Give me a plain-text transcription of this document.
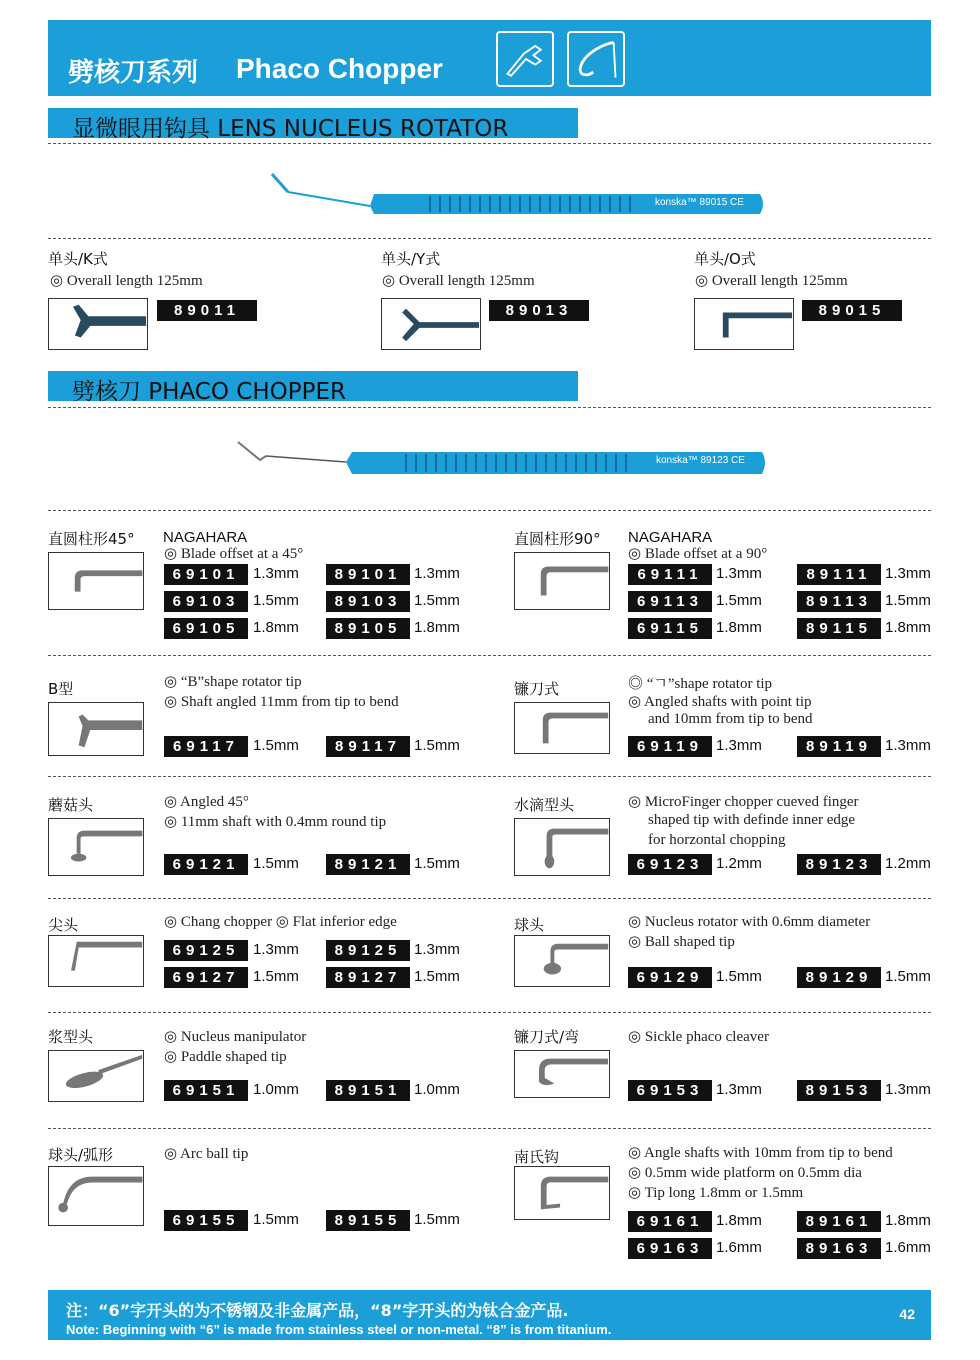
劈核刀系列 Phaco Chopper
显微眼用钩具 LENS NUCLEUS ROTATOR
konska™ 89015 CE
单头/K式
◎ Overall length 125mm
89011
单头/Y式
◎ Overall length 125mm
89013
单头/O式
◎ Overall length 125mm
89015
劈核刀 PHACO CHOPPER
konska™ 89123 CE
直圆柱形45° NAGAHARA
◎ Blade offset at a 45°
69101 1.3mm	89101 1.3mm
69103 1.5mm	89103 1.5mm
69105 1.8mm	89105 1.8mm
直圆柱形90° NAGAHARA
◎ Blade offset at a 90°
69111 1.3mm	89111 1.3mm
69113 1.5mm	89113 1.5mm
69115 1.8mm	89115 1.8mm
B型	◎ “B”shape rotator tip
◎ Shaft angled 11mm from tip to bend
69117 1.5mm	89117 1.5mm
镰刀式	◎ “ㄱ”shape rotator tip
◎ Angled shafts with point tip
and 10mm from tip to bend
69119 1.3mm	89119 1.3mm
蘑菇头	◎ Angled 45°
◎ 11mm shaft with 0.4mm round tip
69121 1.5mm	89121 1.5mm
水滴型头	◎ MicroFinger chopper cueved finger
shaped tip with definde inner edge
for horzontal chopping
69123 1.2mm	89123 1.2mm
尖头	◎ Chang chopper ◎ Flat inferior edge
69125 1.3mm	89125 1.3mm
69127 1.5mm	89127 1.5mm
球头	◎ Nucleus rotator with 0.6mm diameter
◎ Ball shaped tip
69129 1.5mm	89129 1.5mm
浆型头	◎ Nucleus manipulator
◎ Paddle shaped tip
69151 1.0mm	89151 1.0mm
镰刀式/弯	◎ Sickle phaco cleaver
69153 1.3mm	89153 1.3mm
球头/弧形	◎ Arc ball tip
69155 1.5mm	89155 1.5mm
南氏钩	◎ Angle shafts with 10mm from tip to bend
◎ 0.5mm wide platform on 0.5mm dia
◎ Tip long 1.8mm or 1.5mm
69161 1.8mm	89161 1.8mm
69163 1.6mm	89163 1.6mm
注：“6”字开头的为不锈钢及非金属产品，“8”字开头的为钛合金产品.
Note: Beginning with “6” is made from stainless steel or non-metal. “8” is from titanium.
42
